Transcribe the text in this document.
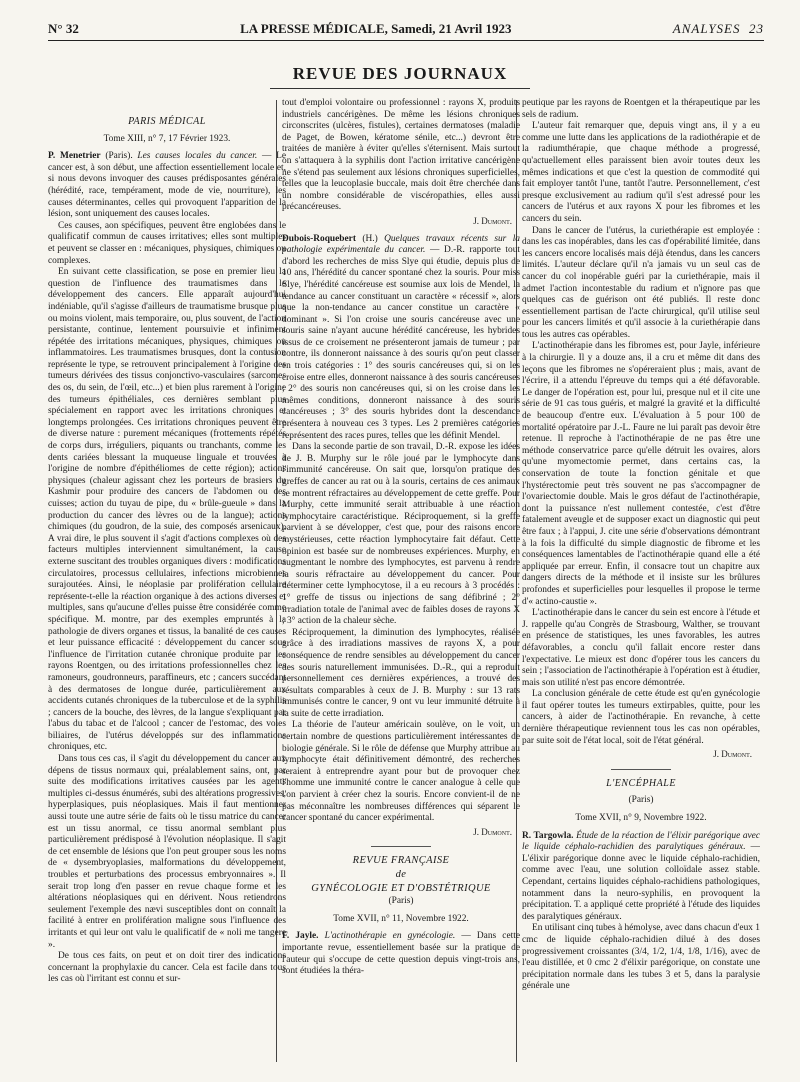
N° 32	LA PRESSE MÉDICALE, Samedi, 21 Avril 1923	ANALYSES 23
REVUE DES JOURNAUX
PARIS MÉDICAL
Tome XIII, n° 7, 17 Février 1923.

P. Menetrier (Paris). Les causes locales du cancer. — Le cancer est, à son début, une affection essentiellement locale et, si nous devons invoquer des causes prédisposantes générales (hérédité, race, tempérament, mode de vie, nourriture), les causes déterminantes, celles qui provoquent l'apparition de la lésion, sont uniquement des causes locales.

Ces causes, aon spécifiques, peuvent être englobées dans le qualificatif commun de causes irritatives; elles sont multiples et peuvent se classer en : mécaniques, physiques, chimiques ou complexes.

En suivant cette classification, se pose en premier lieu la question de l'influence des traumatismes dans le développement des cancers. Elle apparaît aujourd'hui indéniable, qu'il s'agisse d'ailleurs de traumatisme brusque plus ou moins violent, mais temporaire, ou, plus souvent, de l'action persistante, continue, lentement poursuivie et infiniment répétée des irritations mécaniques, physiques, chimiques ou inflammatoires. Les traumatismes brusques, dont la contusion représente le type, se retrouvent principalement à l'origine des tumeurs dérivées des tissus conjonctivo-vasculaires (sarcomes des os, du sein, de l'œil, etc...) et bien plus rarement à l'origine des tumeurs épithéliales, ces dernières semblant plus spécialement en rapport avec les irritations chroniques et longtemps prolongées. Ces irritations chroniques peuvent être de diverse nature : purement mécaniques (frottements répétés de corps durs, irréguliers, piquants ou tranchants, comme les dents cariées blessant la muqueuse linguale et trouvées à l'origine de nombre d'épithéliomes de cette région); actions physiques (chaleur agissant chez les porteurs de brasiers du Kashmir pour produire des cancers de l'abdomen ou des cuisses; action du tuyau de pipe, du « brûle-gueule » dans la production du cancer des lèvres ou de la langue); actions chimiques (du goudron, de la suie, des composés arsenicaux). A vrai dire, le plus souvent il s'agit d'actions complexes où des facteurs multiples interviennent simultanément, la cause externe suscitant des troubles organiques divers : modifications circulatoires, processus cellulaires, infections microbiennes surajoutées. Ainsi, le néoplasie par prolifération cellulaire représente-t-elle la réaction organique à des actions diverses et multiples, sans qu'aucune d'elles puisse être considérée comme spécifique. M. montre, par des exemples empruntés à la pathologie de divers organes et tissus, la banalité de ces causes et leur puissance efficacité : développement du cancer sous l'influence de l'irritation cutanée chronique produite par les rayons Roentgen, ou des irritations professionnelles chez les ramoneurs, goudronneurs, paraffineurs, etc ; cancers succédant à des dermatoses de longue durée, particulièrement aux accidents cutanés chroniques de la tuberculose et de la syphilis ; cancers de la bouche, des lèvres, de la langue s'expliquant par l'abus du tabac et de l'alcool ; cancer de l'estomac, des voies biliaires, de l'utérus développés sur des inflammations chroniques, etc.

Dans tous ces cas, il s'agit du développement du cancer aux dépens de tissus normaux qui, préalablement sains, ont, par suite des modifications irritatives causées par les agents multiples ci-dessus énumérés, subi des altérations progressives, hyperplasiques, puis néoplasiques. Mais il faut mentionner aussi toute une autre série de faits où le tissu matrice du cancer est un tissu anormal, ce tissu anormal semblant plus particulièrement prédisposé à l'évolution néoplasique. Il s'agit de cet ensemble de lésions que l'on peut grouper sous les noms de « dysembryoplasies, malformations du développement, troubles et perturbations des processus embryonnaires ». Il serait trop long d'en passer en revue chaque forme et les altérations néoplasiques qui en dérivent. Nous retiendrons seulement l'exemple des nævi susceptibles dont on connaît la facilité à entrer en prolifération maligne sous l'influence des irritants et qui leur ont valu le qualificatif de « noli me tangere ».

De tous ces faits, on peut et on doit tirer des indications concernant la prophylaxie du cancer. Cela est facile dans tous les cas où l'irritant est connu et sur-

tout d'emploi volontaire ou professionnel : rayons X, produits industriels cancérigènes. De même les lésions chroniques circonscrites (ulcères, fistules), certaines dermatoses (maladie de Paget, de Bowen, kératome sénile, etc...) devront être traitées de manière à éviter qu'elles s'éternisent. Mais surtout on s'attaquera à la syphilis dont l'action irritative cancérigène ne s'étend pas seulement aux lésions chroniques superficielles, telles que la leucoplasie buccale, mais doit être cherchée dans un nombre considérable de viscéropathies, elles aussi précancéreuses.

J. Dumont.

Dubois-Roquebert (H.) Quelques travaux récents sur la pathologie expérimentale du cancer. — D.-R. rapporte tout d'abord les recherches de miss Slye qui étudie, depuis plus de 10 ans, l'hérédité du cancer spontané chez la souris. Pour miss Slye, l'hérédité cancéreuse est soumise aux lois de Mendel, la tendance au cancer constituant un caractère « récessif », alors que la non-tendance au cancer constitue un caractère « dominant ». Si l'on croise une souris cancéreuse avec une souris saine n'ayant aucune hérédité cancéreuse, les hybrides issus de ce croisement ne présenteront jamais de tumeur ; par contre, ils donneront naissance à des souris qu'on peut classer en trois catégories : 1° des souris cancéreuses qui, si on les croise entre elles, donneront naissance à des souris cancéreuses ; 2° des souris non cancéreuses qui, si on les croise dans les mêmes conditions, donneront naissance à des souris cancéreuses ; 3° des souris hybrides dont la descendance présentera à nouveau ces 3 types. Les 2 premières catégories représentent des races pures, telles que les définit Mendel.

Dans la seconde partie de son travail, D.-R. expose les idées de J. B. Murphy sur le rôle joué par le lymphocyte dans l'immunité cancéreuse. On sait que, lorsqu'on pratique des greffes de cancer au rat ou à la souris, certains de ces animaux se montrent réfractaires au développement de cette greffe. Pour Murphy, cette immunité serait attribuable à une réaction lymphocytaire caractéristique. Réciproquement, si la greffe parvient à se développer, c'est que, pour des raisons encore mystérieuses, cette réaction lymphocytaire fait défaut. Cette opinion est basée sur de nombreuses expériences. Murphy, en augmentant le nombre des lymphocytes, est parvenu à rendre la souris réfractaire au développement du cancer. Pour déterminer cette lymphocytose, il a eu recours à 3 procédés : 1° greffe de tissus ou injections de sang défibriné ; 2° irradiation totale de l'animal avec de faibles doses de rayons X ; 3° action de la chaleur sèche.

Réciproquement, la diminution des lymphocytes, réalisée grâce à des irradiations massives de rayons X, a pour conséquence de rendre sensibles au développement du cancer des souris naturellement immunisées. D.-R., qui a reproduit personnellement ces dernières expériences, a trouvé des résultats comparables à ceux de J. B. Murphy : sur 13 rats immunisés contre le cancer, 9 ont vu leur immunité détruite à la suite de cette irradiation.

La théorie de l'auteur américain soulève, on le voit, un certain nombre de questions particulièrement intéressantes de biologie générale. Si le rôle de défense que Murphy attribue au lymphocyte était définitivement démontré, des recherches seraient à entreprendre ayant pour but de provoquer chez l'homme une immunité contre le cancer analogue à celle que l'on parvient à créer chez la souris. Encore convient-il de ne pas méconnaître les nombreuses différences qui séparent le cancer spontané du cancer expérimental.

J. Dumont.
REVUE FRANÇAISE
de
GYNÉCOLOGIE ET D'OBSTÉTRIQUE
(Paris)
Tome XVII, n° 11, Novembre 1922.

F. Jayle. L'actinothérapie en gynécologie. — Dans cette importante revue, essentiellement basée sur la pratique de l'auteur qui s'occupe de cette question depuis vingt-trois ans, sont étudiées la théra-

peutique par les rayons de Roentgen et la thérapeutique par les sels de radium.

L'auteur fait remarquer que, depuis vingt ans, il y a eu comme une lutte dans les applications de la radiothérapie et de la radiumthérapie, que chaque méthode a progressé, qu'actuellement elles paraissent bien avoir toutes deux les mêmes indications et que c'est la question de commodité qui fait employer tantôt l'une, tantôt l'autre. Personnellement, c'est presque exclusivement au radium qu'il s'est adressé pour les cancers de l'utérus et aux rayons X pour les fibromes et les cancers du sein.

Dans le cancer de l'utérus, la curiethérapie est employée : dans les cas inopérables, dans les cas d'opérabilité limitée, dans les cancers encore localisés mais déjà étendus, dans les cancers limités. L'auteur déclare qu'il n'a jamais vu un seul cas de cancer du col inopérable guéri par la curiethérapie, mais il admet l'action incontestable du radium et n'ignore pas que quelques cas de guérison ont été publiés. Il reste donc essentiellement partisan de l'acte chirurgical, qu'il utilise seul pour les cancers limités et qu'il associe à la curiethérapie dans tous les autres cas opérables.

L'actinothérapie dans les fibromes est, pour Jayle, inférieure à la chirurgie. Il y a douze ans, il a cru et même dit dans des leçons que les fibromes ne s'opéreraient plus ; mais, avant de l'écrire, il a attendu l'épreuve du temps qui a été défavorable. Le danger de l'opération est, pour lui, presque nul et il cite une série de 91 cas tous guéris, et malgré la gravité et la difficulté de beaucoup d'entre eux. L'évaluation à 5 pour 100 de mortalité opératoire par J.-L. Faure ne lui paraît pas devoir être retenue. Il reproche à l'actinothérapie de ne pas être une méthode conservatrice parce qu'elle détruit les ovaires, alors qu'une myomectomie permet, dans certains cas, la conservation de toute la fonction génitale et que l'hystérectomie peut très souvent ne pas s'accompagner de l'ovariectomie double. Mais le gros défaut de l'actinothérapie, dont la puissance n'est nullement contestée, c'est d'être fatalement aveugle et de supposer exact un diagnostic qui peut être faux ; à l'appui, J. cite une série d'observations démontrant à la fois la difficulté du simple diagnostic de fibrome et les conséquences lamentables de l'actinothérapie quand elle a été appliquée par erreur. Enfin, il consacre tout un chapitre aux dangers directs de la méthode et il insiste sur les brûlures profondes et superficielles pour lesquelles il propose le terme d'« actino-caustie ».

L'actinothérapie dans le cancer du sein est encore à l'étude et J. rappelle qu'au Congrès de Strasbourg, Walther, se trouvant en présence de statistiques, les unes favorables, les autres défavorables, a conclu qu'il fallait encore rester dans l'expectative. Le mieux est donc d'opérer tous les cancers du sein ; l'association de l'actinothérapie à l'opération est à étudier, mais son utilité n'est pas encore démontrée.

La conclusion générale de cette étude est qu'en gynécologie il faut opérer toutes les tumeurs extirpables, quitte, pour les cancers, à aider de l'actinothérapie. En revanche, à cette dernière thérapeutique reviennent tous les cas non opérables, par suite soit de l'état local, soit de l'état général.

J. Dumont.
L'ENCÉPHALE
(Paris)
Tome XVII, n° 9, Novembre 1922.

R. Targowla. Étude de la réaction de l'élixir parégorique avec le liquide céphalo-rachidien des paralytiques généraux. — L'élixir parégorique donne avec le liquide céphalo-rachidien, comme avec l'eau, une solution colloïdale assez stable. Cependant, certains liquides céphalo-rachidiens pathologiques, notamment dans la neuro-syphilis, en provoquent la précipitation. T. a appliqué cette propriété à l'étude des liquides des paralytiques généraux.

En utilisant cinq tubes à hémolyse, avec dans chacun d'eux 1 cmc de liquide céphalo-rachidien dilué à des doses progressivement croissantes (3/4, 1/2, 1/4, 1/8, 1/16), avec de l'eau distillée, et 0 cmc 2 d'élixir parégorique, on constate une précipitation normale dans les tubes 3 et 5, dans la paralysie générale une
